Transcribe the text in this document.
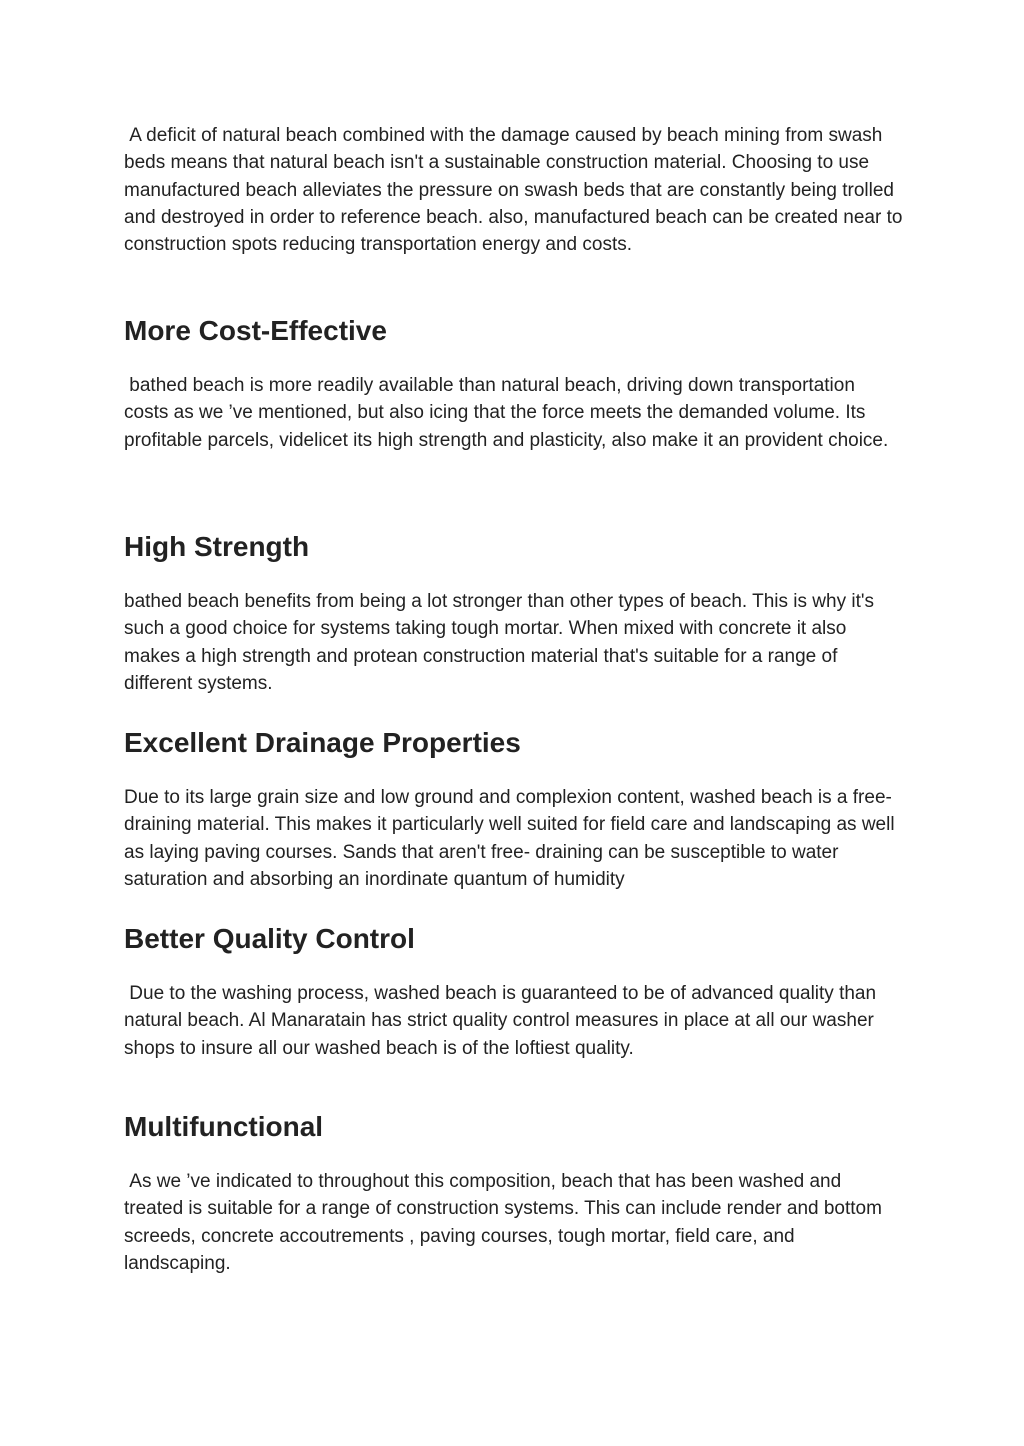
A deficit of natural beach combined with the damage caused by beach mining from swash beds means that natural beach isn't a sustainable construction material. Choosing to use manufactured beach alleviates the pressure on swash beds that are constantly being trolled and destroyed in order to reference beach. also, manufactured beach can be created near to construction spots reducing transportation energy and costs.

More Cost-Effective

bathed beach is more readily available than natural beach, driving down transportation costs as we ’ve mentioned, but also icing that the force meets the demanded volume. Its profitable parcels, videlicet its high strength and plasticity, also make it an provident choice.

High Strength

bathed beach benefits from being a lot stronger than other types of beach. This is why it's such a good choice for systems taking tough mortar. When mixed with concrete it also makes a high strength and protean construction material that's suitable for a range of different systems.

Excellent Drainage Properties

Due to its large grain size and low ground and complexion content, washed beach is a free- draining material. This makes it particularly well suited for field care and landscaping as well as laying paving courses. Sands that aren't free- draining can be susceptible to water saturation and absorbing an inordinate quantum of humidity

Better Quality Control

Due to the washing process, washed beach is guaranteed to be of advanced quality than natural beach. Al Manaratain has strict quality control measures in place at all our washer shops to insure all our washed beach is of the loftiest quality.

Multifunctional

As we ’ve indicated to throughout this composition, beach that has been washed and treated is suitable for a range of construction systems. This can include render and bottom screeds, concrete accoutrements , paving courses, tough mortar, field care, and landscaping.
